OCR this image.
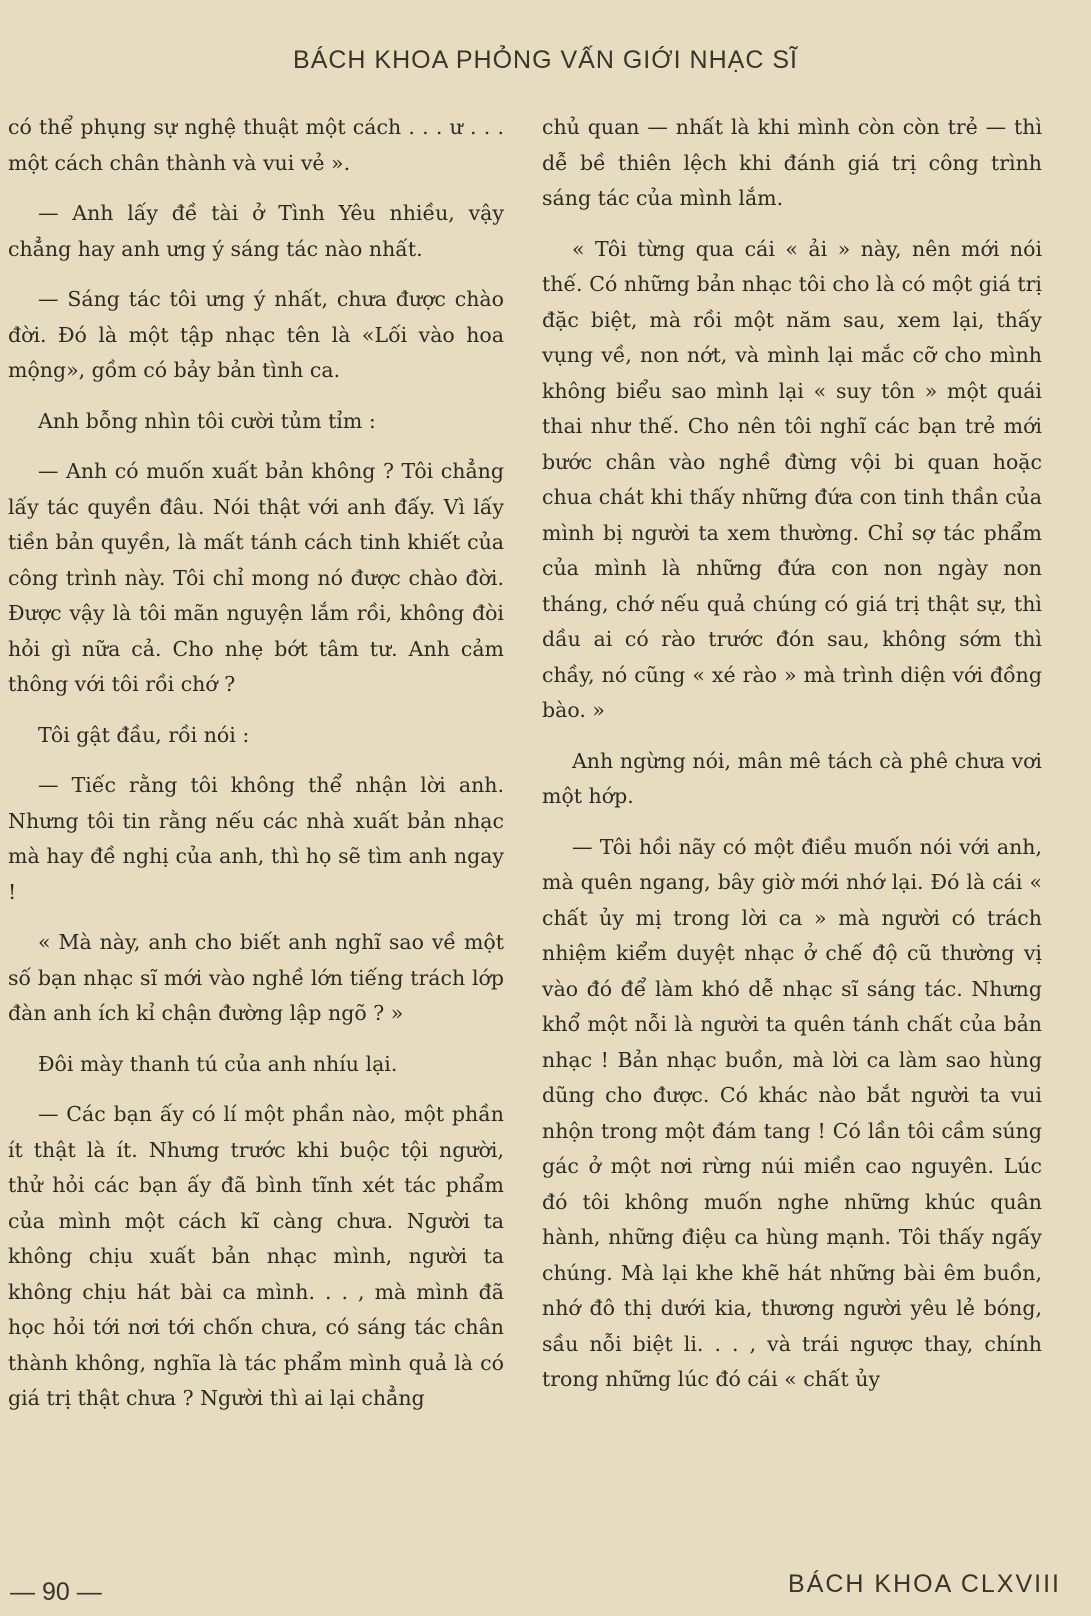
BÁCH KHOA PHỎNG VẤN GIỚI NHẠC SĨ

có thể phụng sự nghệ thuật một cách . . . ư . . . một cách chân thành và vui vẻ ».

— Anh lấy đề tài ở Tình Yêu nhiều, vậy chẳng hay anh ưng ý sáng tác nào nhất.

— Sáng tác tôi ưng ý nhất, chưa được chào đời. Đó là một tập nhạc tên là «Lối vào hoa mộng», gồm có bảy bản tình ca.

Anh bỗng nhìn tôi cười tủm tỉm :

— Anh có muốn xuất bản không ? Tôi chẳng lấy tác quyền đâu. Nói thật với anh đấy. Vì lấy tiền bản quyền, là mất tánh cách tinh khiết của công trình này. Tôi chỉ mong nó được chào đời. Được vậy là tôi mãn nguyện lắm rồi, không đòi hỏi gì nữa cả. Cho nhẹ bớt tâm tư. Anh cảm thông với tôi rồi chớ ?

Tôi gật đầu, rồi nói :

— Tiếc rằng tôi không thể nhận lời anh. Nhưng tôi tin rằng nếu các nhà xuất bản nhạc mà hay đề nghị của anh, thì họ sẽ tìm anh ngay !

« Mà này, anh cho biết anh nghĩ sao về một số bạn nhạc sĩ mới vào nghề lớn tiếng trách lớp đàn anh ích kỉ chận đường lập ngõ ? »

Đôi mày thanh tú của anh nhíu lại.

— Các bạn ấy có lí một phần nào, một phần ít thật là ít. Nhưng trước khi buộc tội người, thử hỏi các bạn ấy đã bình tĩnh xét tác phẩm của mình một cách kĩ càng chưa. Người ta không chịu xuất bản nhạc mình, người ta không chịu hát bài ca mình. . . , mà mình đã học hỏi tới nơi tới chốn chưa, có sáng tác chân thành không, nghĩa là tác phẩm mình quả là có giá trị thật chưa ? Người thì ai lại chẳng

chủ quan — nhất là khi mình còn còn trẻ — thì dễ bề thiên lệch khi đánh giá trị công trình sáng tác của mình lắm.

« Tôi từng qua cái « ải » này, nên mới nói thế. Có những bản nhạc tôi cho là có một giá trị đặc biệt, mà rồi một năm sau, xem lại, thấy vụng về, non nớt, và mình lại mắc cỡ cho mình không biểu sao mình lại « suy tôn » một quái thai như thế. Cho nên tôi nghĩ các bạn trẻ mới bước chân vào nghề đừng vội bi quan hoặc chua chát khi thấy những đứa con tinh thần của mình bị người ta xem thường. Chỉ sợ tác phẩm của mình là những đứa con non ngày non tháng, chớ nếu quả chúng có giá trị thật sự, thì dầu ai có rào trước đón sau, không sớm thì chầy, nó cũng « xé rào » mà trình diện với đồng bào. »

Anh ngừng nói, mân mê tách cà phê chưa vơi một hớp.

— Tôi hồi nãy có một điều muốn nói với anh, mà quên ngang, bây giờ mới nhớ lại. Đó là cái « chất ủy mị trong lời ca » mà người có trách nhiệm kiểm duyệt nhạc ở chế độ cũ thường vị vào đó để làm khó dễ nhạc sĩ sáng tác. Nhưng khổ một nỗi là người ta quên tánh chất của bản nhạc ! Bản nhạc buồn, mà lời ca làm sao hùng dũng cho được. Có khác nào bắt người ta vui nhộn trong một đám tang ! Có lần tôi cầm súng gác ở một nơi rừng núi miền cao nguyên. Lúc đó tôi không muốn nghe những khúc quân hành, những điệu ca hùng mạnh. Tôi thấy ngấy chúng. Mà lại khe khẽ hát những bài êm buồn, nhớ đô thị dưới kia, thương người yêu lẻ bóng, sầu nỗi biệt li. . . , và trái ngược thay, chính trong những lúc đó cái « chất ủy

— 90 —	BÁCH KHOA CLXVIII
